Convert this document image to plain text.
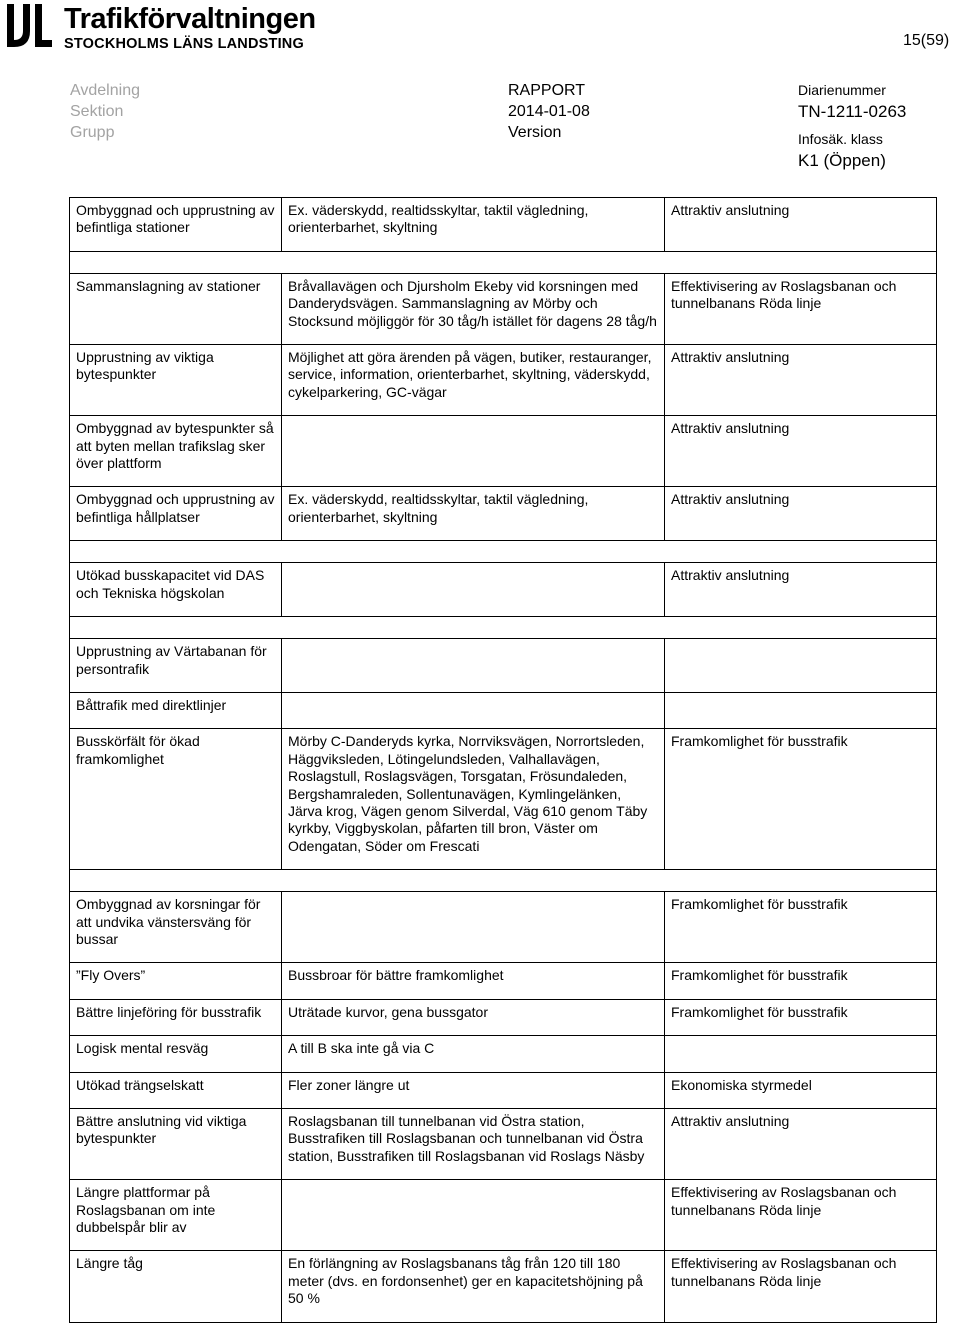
Trafikförvaltningen
STOCKHOLMS LÄNS LANDSTING	15(59)
Avdelning
Sektion
Grupp
RAPPORT
2014-01-08
Version
Diarienummer
TN-1211-0263
Infosäk. klass
K1 (Öppen)
Ombyggnad och upprustning av befintliga stationer	Ex. väderskydd, realtidsskyltar, taktil vägledning, orienterbarhet, skyltning	Attraktiv anslutning

Sammanslagning av stationer	Bråvallavägen och Djursholm Ekeby vid korsningen med Danderydsvägen. Sammanslagning av Mörby och Stocksund möjliggör för 30 tåg/h istället för dagens 28 tåg/h	Effektivisering av Roslagsbanan och tunnelbanans Röda linje
Upprustning av viktiga bytespunkter	Möjlighet att göra ärenden på vägen, butiker, restauranger, service, information, orienterbarhet, skyltning, väderskydd, cykelparkering, GC-vägar	Attraktiv anslutning
Ombyggnad av bytespunkter så att byten mellan trafikslag sker över plattform		Attraktiv anslutning
Ombyggnad och upprustning av befintliga hållplatser	Ex. väderskydd, realtidsskyltar, taktil vägledning, orienterbarhet, skyltning	Attraktiv anslutning

Utökad busskapacitet vid DAS och Tekniska högskolan		Attraktiv anslutning

Upprustning av Värtabanan för persontrafik		
Båttrafik med direktlinjer		
Busskörfält för ökad framkomlighet	Mörby C-Danderyds kyrka, Norrviksvägen, Norrortsleden, Häggviksleden, Lötingelundsleden, Valhallavägen, Roslagstull, Roslagsvägen, Torsgatan, Frösundaleden, Bergshamraleden, Sollentunavägen, Kymlingelänken, Järva krog, Vägen genom Silverdal, Väg 610 genom Täby kyrkby, Viggbyskolan, påfarten till bron, Väster om Odengatan, Söder om Frescati	Framkomlighet för busstrafik

Ombyggnad av korsningar för att undvika vänstersväng för bussar		Framkomlighet för busstrafik
”Fly Overs”	Bussbroar för bättre framkomlighet	Framkomlighet för busstrafik
Bättre linjeföring för busstrafik	Uträtade kurvor, gena bussgator	Framkomlighet för busstrafik
Logisk mental resväg	A till B ska inte gå via C	
Utökad trängselskatt	Fler zoner längre ut	Ekonomiska styrmedel
Bättre anslutning vid viktiga bytespunkter	Roslagsbanan till tunnelbanan vid Östra station, Busstrafiken till Roslagsbanan och tunnelbanan vid Östra station, Busstrafiken till Roslagsbanan vid Roslags Näsby	Attraktiv anslutning
Längre plattformar på Roslagsbanan om inte dubbelspår blir av		Effektivisering av Roslagsbanan och tunnelbanans Röda linje
Längre tåg	En förlängning av Roslagsbanans tåg från 120 till 180 meter (dvs. en fordonsenhet) ger en kapacitetshöjning på 50 %	Effektivisering av Roslagsbanan och tunnelbanans Röda linje
